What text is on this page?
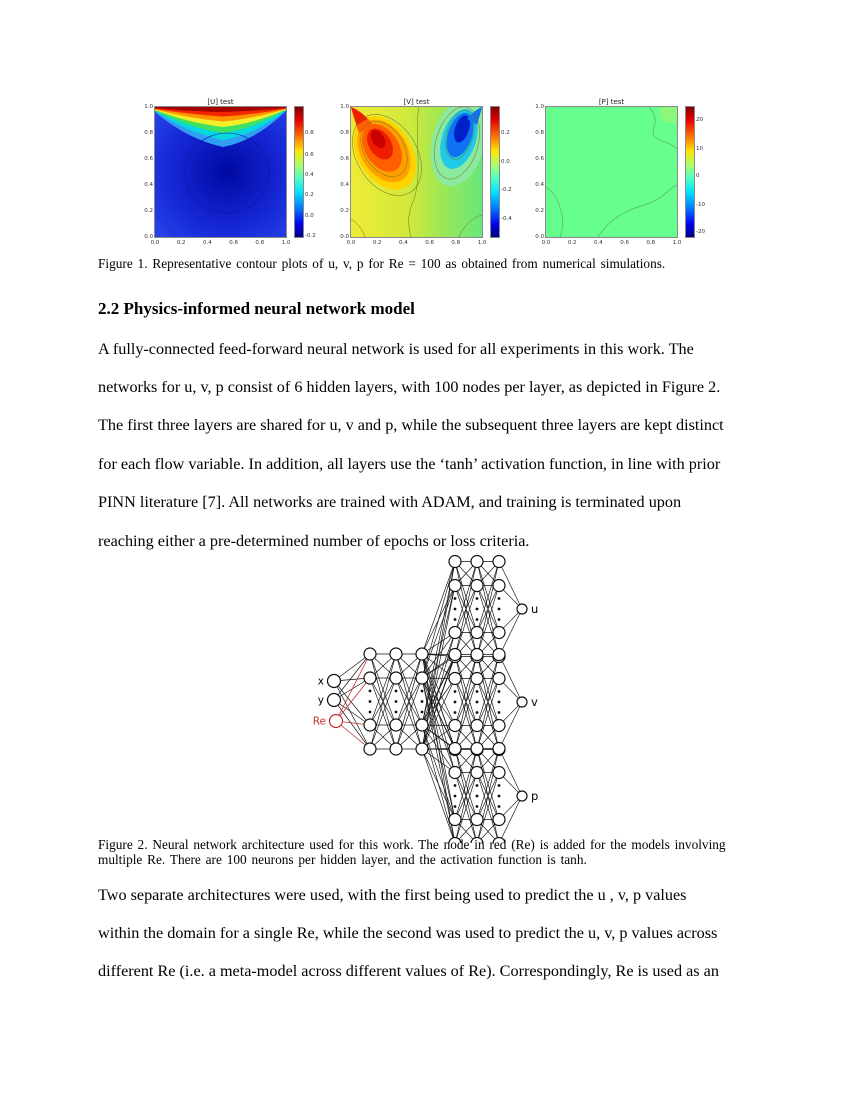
[U] test
1.0
0.8
0.6
0.4
0.2
0.0
0.0	0.2	0.4	0.6	0.8	1.0
0.8
0.6
0.4
0.2
0.0
-0.2
[V] test
1.0
0.8
0.6
0.4
0.2
0.0
0.0	0.2	0.4	0.6	0.8	1.0
0.2
0.0
-0.2
-0.4
[P] test
1.0
0.8
0.6
0.4
0.2
0.0
0.0	0.2	0.4	0.6	0.8	1.0
20
10
0
-10
-20
Figure 1. Representative contour plots of u, v, p for Re = 100 as obtained from numerical simulations.
2.2 Physics-informed neural network model
A fully-connected feed-forward neural network is used for all experiments in this work. The
networks for u, v, p consist of 6 hidden layers, with 100 nodes per layer, as depicted in Figure 2.
The first three layers are shared for u, v and p, while the subsequent three layers are kept distinct
for each flow variable. In addition, all layers use the ‘tanh’ activation function, in line with prior
PINN literature [7]. All networks are trained with ADAM, and training is terminated upon
reaching either a pre-determined number of epochs or loss criteria.
x
y
Re
u
v
p
Figure 2. Neural network architecture used for this work. The node in red (Re) is added for the models involving
multiple Re. There are 100 neurons per hidden layer, and the activation function is tanh.
Two separate architectures were used, with the first being used to predict the u , v, p values
within the domain for a single Re, while the second was used to predict the u, v, p values across
different Re (i.e. a meta-model across different values of Re). Correspondingly, Re is used as an
